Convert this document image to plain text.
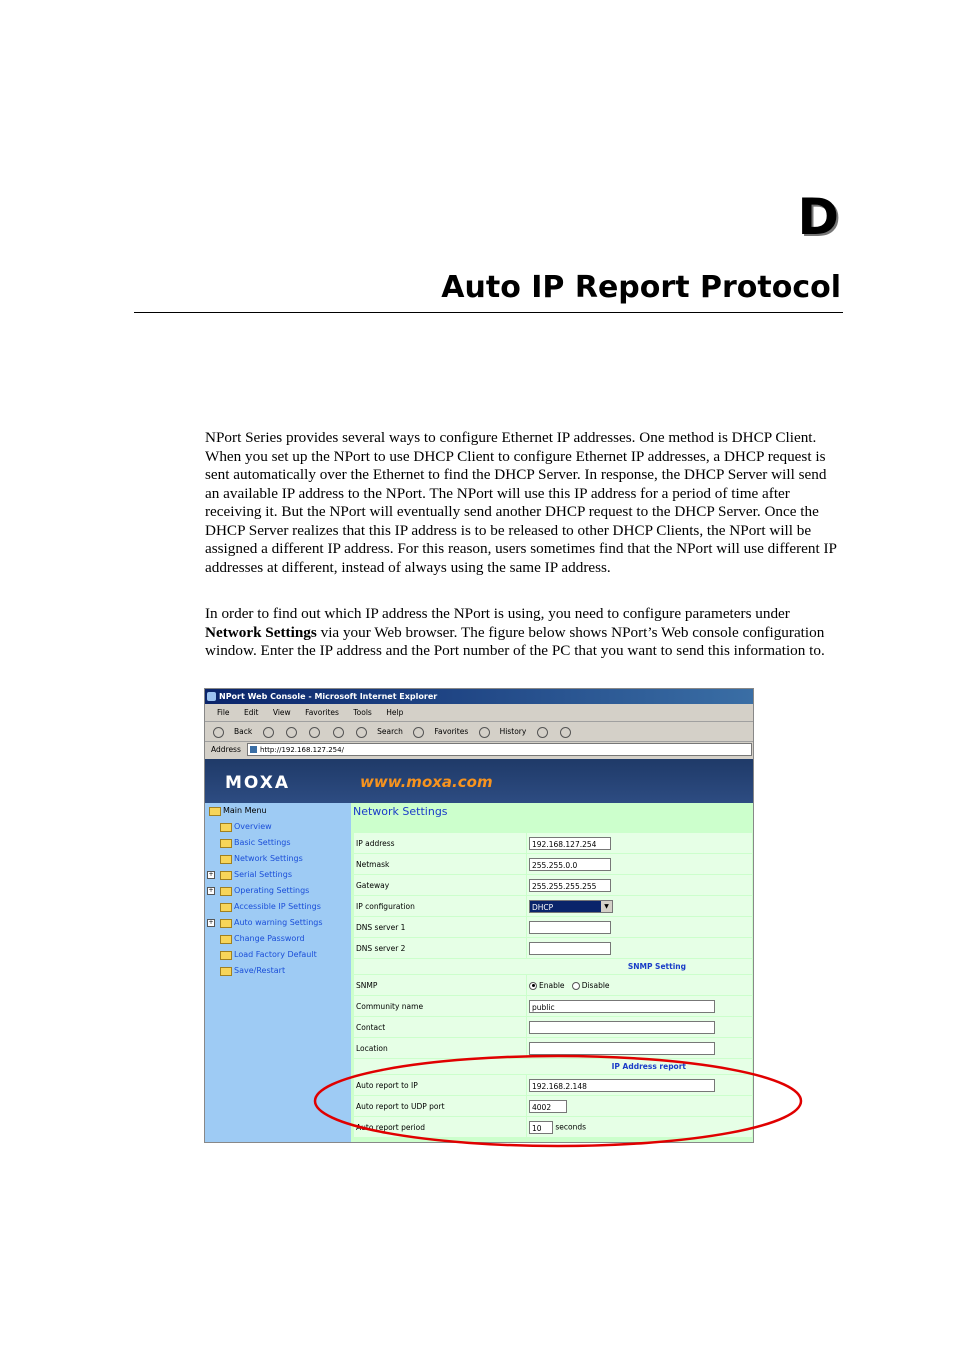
D
Auto IP Report Protocol

NPort Series provides several ways to configure Ethernet IP addresses. One method is DHCP Client. When you set up the NPort to use DHCP Client to configure Ethernet IP addresses, a DHCP request is sent automatically over the Ethernet to find the DHCP Server. In response, the DHCP Server will send an available IP address to the NPort. The NPort will use this IP address for a period of time after receiving it. But the NPort will eventually send another DHCP request to the DHCP Server. Once the DHCP Server realizes that this IP address is to be released to other DHCP Clients, the NPort will be assigned a different IP address. For this reason, users sometimes find that the NPort will use different IP addresses at different, instead of always using the same IP address.

In order to find out which IP address the NPort is using, you need to configure parameters under Network Settings via your Web browser. The figure below shows NPort’s Web console configuration window. Enter the IP address and the Port number of the PC that you want to send this information to.

NPort Web Console - Microsoft Internet Explorer
File Edit View Favorites Tools Help
Back	Search	Favorites	History
Address	http://192.168.127.254/
MOXA	www.moxa.com
Main Menu
Overview
Basic Settings
Network Settings
+	Serial Settings
+	Operating Settings
Accessible IP Settings
+	Auto warning Settings
Change Password
Load Factory Default
Save/Restart
Network Settings
IP address	192.168.127.254
Netmask	255.255.0.0
Gateway	255.255.255.255
IP configuration	DHCP ▼

DNS server 1	
DNS server 2	
SNMP Setting	
SNMP	Enable Disable
Community name	public
Contact	
Location	
IP Address report	
Auto report to IP	192.168.2.148
Auto report to UDP port	4002
Auto report period	10 seconds
